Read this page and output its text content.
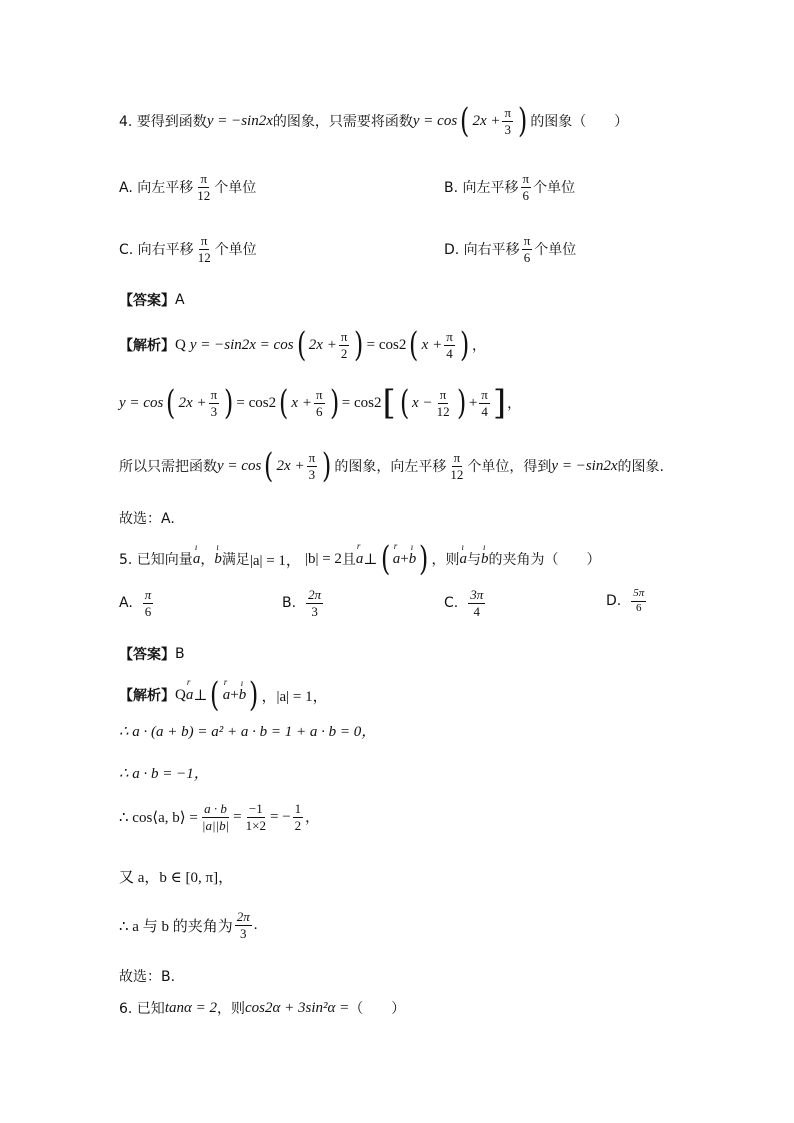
4. 要得到函数 y = −sin2x 的图象，只需要将函数 y = cos ( $2x + \frac{\pi}{3}$ ) 的图象（　　）
A. 向左平移 $\frac{\pi}{12}$ 个单位	B. 向左平移 $\frac{\pi}{6}$ 个单位
C. 向右平移 $\frac{\pi}{12}$ 个单位	D. 向右平移 $\frac{\pi}{6}$ 个单位
【答案】 A
【解析】 Q y = −sin2x = cos ( $2x + \frac{\pi}{2}$ ) = cos2 ( $x + \frac{\pi}{4}$ ) ，
y = cos ( $2x + \frac{\pi}{3}$ ) = cos2 ( $x + \frac{\pi}{6}$ ) = cos2 [ ( $x - \frac{\pi}{12}$ ) + $\frac{\pi}{4}$ ] ，
所以只需把函数 y = cos ( $2x + \frac{\pi}{3}$ ) 的图象，向左平移 $\frac{\pi}{12}$ 个单位，得到 y = −sin2x 的图象.
故选：A.
5. 已知向量 ı a ， ı b 满足 |a| = 1， |b| = 2 且 r a ⊥ ( r a + ı b ) ，则 ı a 与 ı b 的夹角为（　　）
A. $\frac{\pi}{6}$	B. $\frac{2\pi}{3}$	C. $\frac{3\pi}{4}$	D. $\frac{5\pi}{6}$
【答案】 B
【解析】 Q r a ⊥ ( r a + ı b ) ，|a| = 1，
∴ a · (a + b) = a² + a · b = 1 + a · b = 0，
∴ a · b = −1，
∴ cos⟨a, b⟩ = $\frac{a \cdot b}{|a||b|} = \frac{-1}{1\times 2}$ = − $\frac{1}{2}$ ，
又 a，b ∈ [0, π]，
∴ a 与 b 的夹角为 $\frac{2\pi}{3}$ .
故选：B.
6. 已知 tanα = 2 ，则 cos2α + 3sin²α = （　　）
